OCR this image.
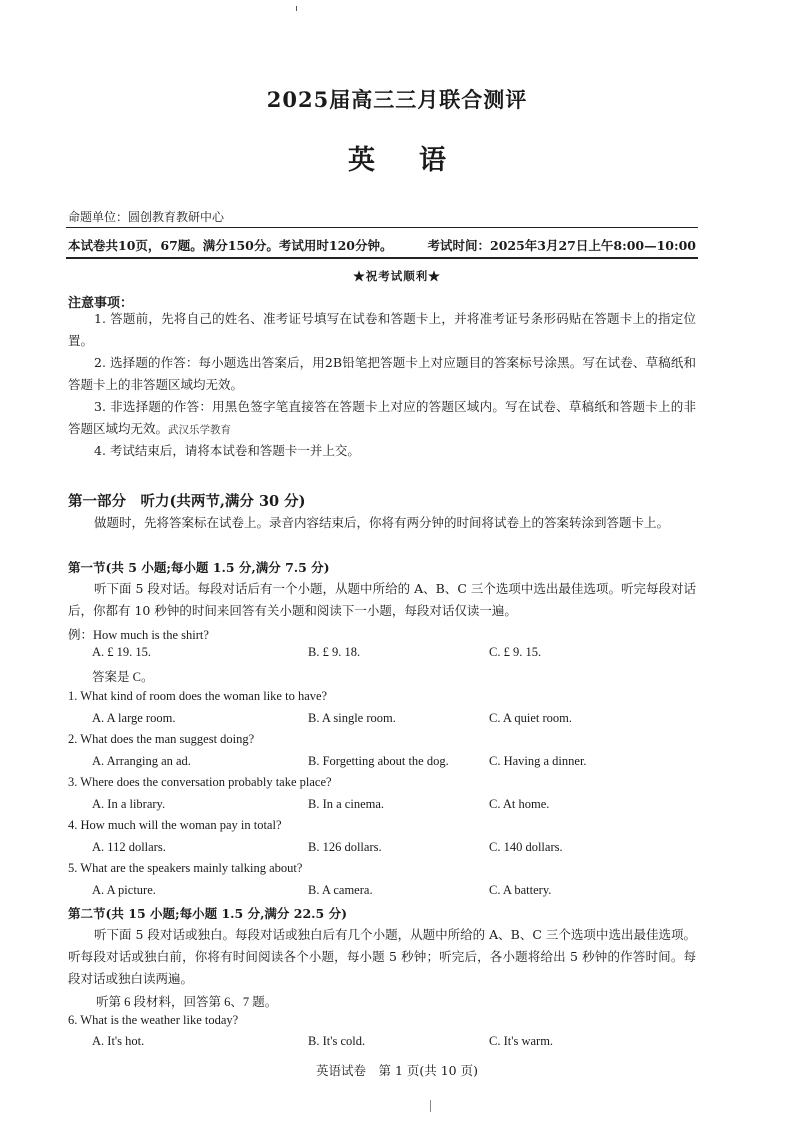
2025届高三三月联合测评
英语
命题单位：圆创教育教研中心
本试卷共10页，67题。满分150分。考试用时120分钟。	考试时间：2025年3月27日上午8:00—10:00
★祝考试顺利★
注意事项：
1. 答题前，先将自己的姓名、准考证号填写在试卷和答题卡上，并将准考证号条形码贴在答题卡上的指定位置。
2. 选择题的作答：每小题选出答案后，用2B铅笔把答题卡上对应题目的答案标号涂黑。写在试卷、草稿纸和答题卡上的非答题区域均无效。
3. 非选择题的作答：用黑色签字笔直接答在答题卡上对应的答题区域内。写在试卷、草稿纸和答题卡上的非答题区域均无效。武汉乐学教育
4. 考试结束后，请将本试卷和答题卡一并上交。
第一部分　听力(共两节,满分 30 分)
做题时，先将答案标在试卷上。录音内容结束后，你将有两分钟的时间将试卷上的答案转涂到答题卡上。
第一节(共 5 小题;每小题 1.5 分,满分 7.5 分)
听下面 5 段对话。每段对话后有一个小题，从题中所给的 A、B、C 三个选项中选出最佳选项。听完每段对话后，你都有 10 秒钟的时间来回答有关小题和阅读下一小题，每段对话仅读一遍。
例：How much is the shirt?
A. £ 19. 15.	B. £ 9. 18.	C. £ 9. 15.
答案是 C。
1. What kind of room does the woman like to have?
A. A large room.	B. A single room.	C. A quiet room.
2. What does the man suggest doing?
A. Arranging an ad.	B. Forgetting about the dog.	C. Having a dinner.
3. Where does the conversation probably take place?
A. In a library.	B. In a cinema.	C. At home.
4. How much will the woman pay in total?
A. 112 dollars.	B. 126 dollars.	C. 140 dollars.
5. What are the speakers mainly talking about?
A. A picture.	B. A camera.	C. A battery.
第二节(共 15 小题;每小题 1.5 分,满分 22.5 分)
听下面 5 段对话或独白。每段对话或独白后有几个小题，从题中所给的 A、B、C 三个选项中选出最佳选项。听每段对话或独白前，你将有时间阅读各个小题，每小题 5 秒钟；听完后，各小题将给出 5 秒钟的作答时间。每段对话或独白读两遍。
听第 6 段材料，回答第 6、7 题。
6. What is the weather like today?
A. It's hot.	B. It's cold.	C. It's warm.
英语试卷　第 1 页(共 10 页)
